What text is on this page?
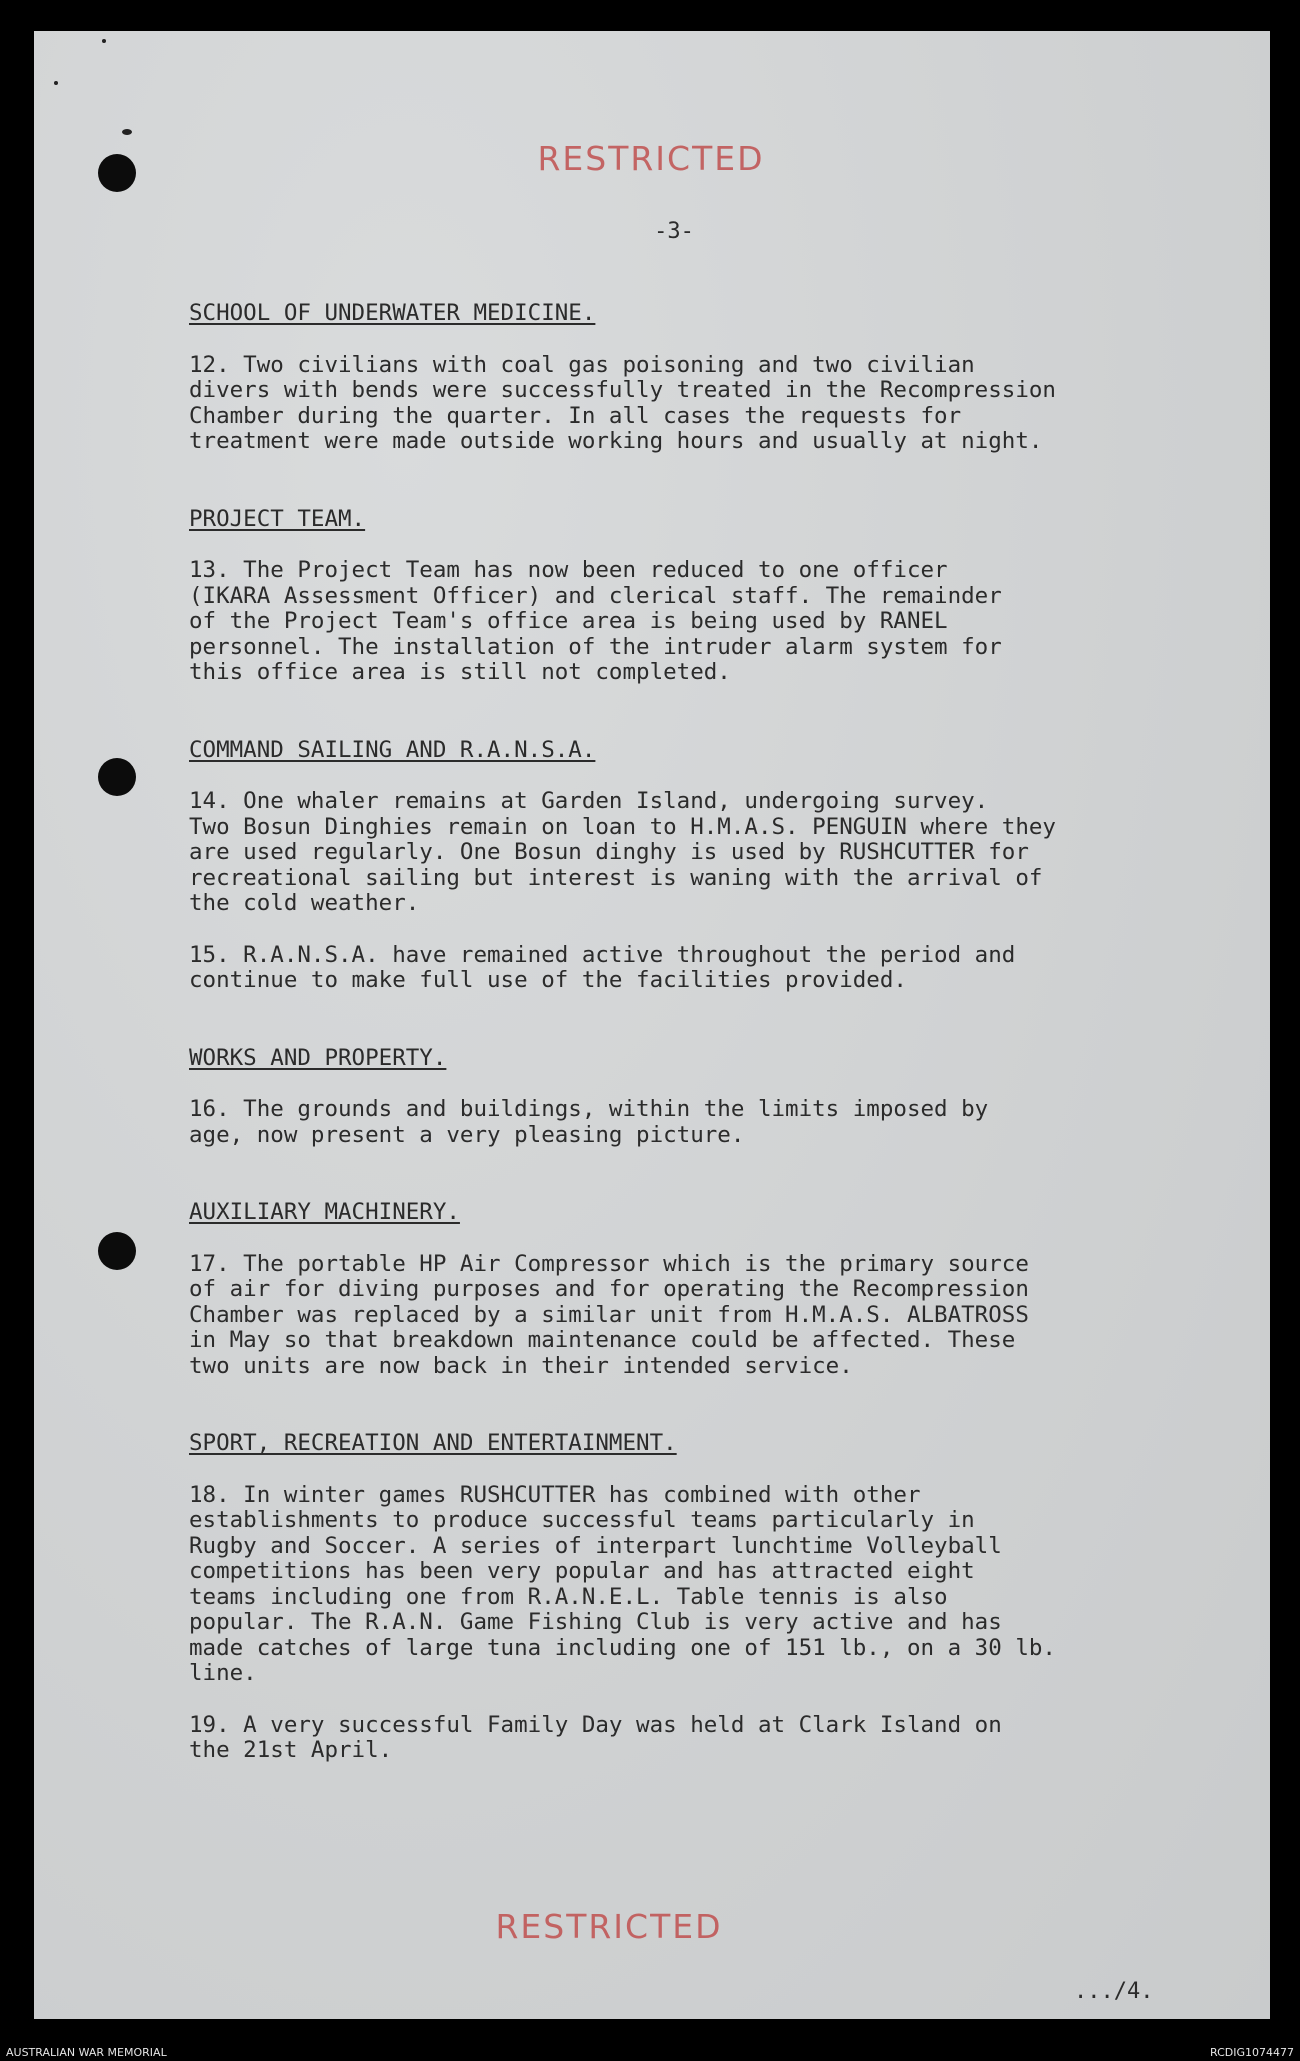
RESTRICTED
-3-
SCHOOL OF UNDERWATER MEDICINE.

12. Two civilians with coal gas poisoning and two civilian
divers with bends were successfully treated in the Recompression
Chamber during the quarter. In all cases the requests for
treatment were made outside working hours and usually at night.

PROJECT TEAM.

13. The Project Team has now been reduced to one officer
(IKARA Assessment Officer) and clerical staff. The remainder
of the Project Team's office area is being used by RANEL
personnel. The installation of the intruder alarm system for
this office area is still not completed.

COMMAND SAILING AND R.A.N.S.A.

14. One whaler remains at Garden Island, undergoing survey.
Two Bosun Dinghies remain on loan to H.M.A.S. PENGUIN where they
are used regularly. One Bosun dinghy is used by RUSHCUTTER for
recreational sailing but interest is waning with the arrival of
the cold weather.

15. R.A.N.S.A. have remained active throughout the period and
continue to make full use of the facilities provided.

WORKS AND PROPERTY.

16. The grounds and buildings, within the limits imposed by
age, now present a very pleasing picture.

AUXILIARY MACHINERY.

17. The portable HP Air Compressor which is the primary source
of air for diving purposes and for operating the Recompression
Chamber was replaced by a similar unit from H.M.A.S. ALBATROSS
in May so that breakdown maintenance could be affected. These
two units are now back in their intended service.

SPORT, RECREATION AND ENTERTAINMENT.

18. In winter games RUSHCUTTER has combined with other
establishments to produce successful teams particularly in
Rugby and Soccer. A series of interpart lunchtime Volleyball
competitions has been very popular and has attracted eight
teams including one from R.A.N.E.L. Table tennis is also
popular. The R.A.N. Game Fishing Club is very active and has
made catches of large tuna including one of 151 lb., on a 30 lb.
line.

19. A very successful Family Day was held at Clark Island on
the 21st April.

RESTRICTED
.../4.
AUSTRALIAN WAR MEMORIAL	RCDIG1074477
